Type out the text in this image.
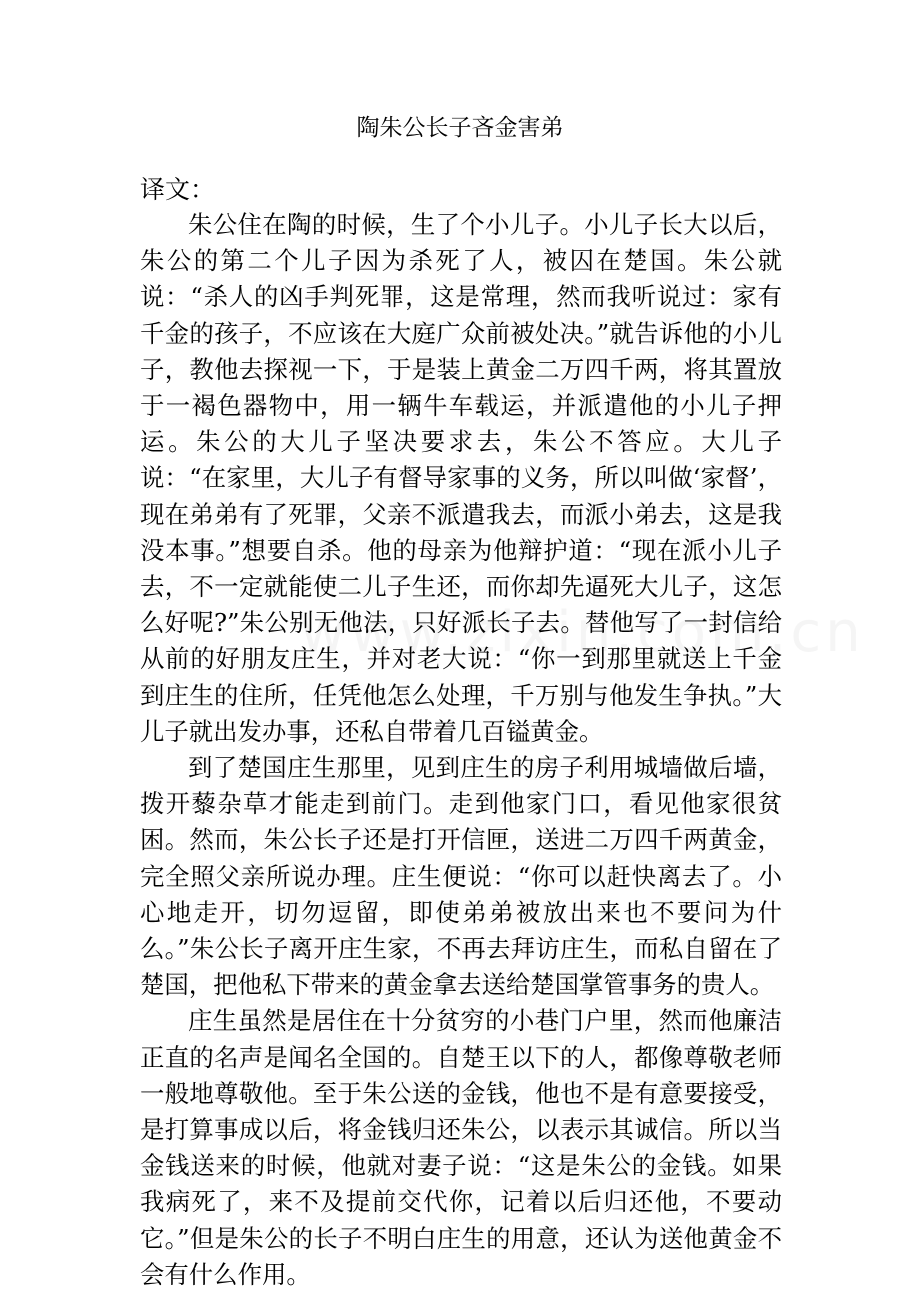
陶朱公长子吝金害弟
译文：

朱公住在陶的时候，生了个小儿子。小儿子长大以后，朱公的第二个儿子因为杀死了人，被囚在楚国。朱公就说：“杀人的凶手判死罪，这是常理，然而我听说过：家有千金的孩子，不应该在大庭广众前被处决。”就告诉他的小儿子，教他去探视一下，于是装上黄金二万四千两，将其置放于一褐色器物中，用一辆牛车载运，并派遣他的小儿子押运。朱公的大儿子坚决要求去，朱公不答应。大儿子说：“在家里，大儿子有督导家事的义务，所以叫做‘家督’，现在弟弟有了死罪，父亲不派遣我去，而派小弟去，这是我没本事。”想要自杀。他的母亲为他辩护道：“现在派小儿子去，不一定就能使二儿子生还，而你却先逼死大儿子，这怎么好呢?”朱公别无他法，只好派长子去。替他写了一封信给从前的好朋友庄生，并对老大说：“你一到那里就送上千金到庄生的住所，任凭他怎么处理，千万别与他发生争执。”大儿子就出发办事，还私自带着几百镒黄金。

到了楚国庄生那里，见到庄生的房子利用城墙做后墙，拨开藜杂草才能走到前门。走到他家门口，看见他家很贫困。然而，朱公长子还是打开信匣，送进二万四千两黄金，完全照父亲所说办理。庄生便说：“你可以赶快离去了。小心地走开，切勿逗留，即使弟弟被放出来也不要问为什么。”朱公长子离开庄生家，不再去拜访庄生，而私自留在了楚国，把他私下带来的黄金拿去送给楚国掌管事务的贵人。

庄生虽然是居住在十分贫穷的小巷门户里，然而他廉洁正直的名声是闻名全国的。自楚王以下的人，都像尊敬老师一般地尊敬他。至于朱公送的金钱，他也不是有意要接受，是打算事成以后，将金钱归还朱公，以表示其诚信。所以当金钱送来的时候，他就对妻子说：“这是朱公的金钱。如果我病死了，来不及提前交代你，记着以后归还他，不要动它。”但是朱公的长子不明白庄生的用意，还认为送他黄金不会有什么作用。
